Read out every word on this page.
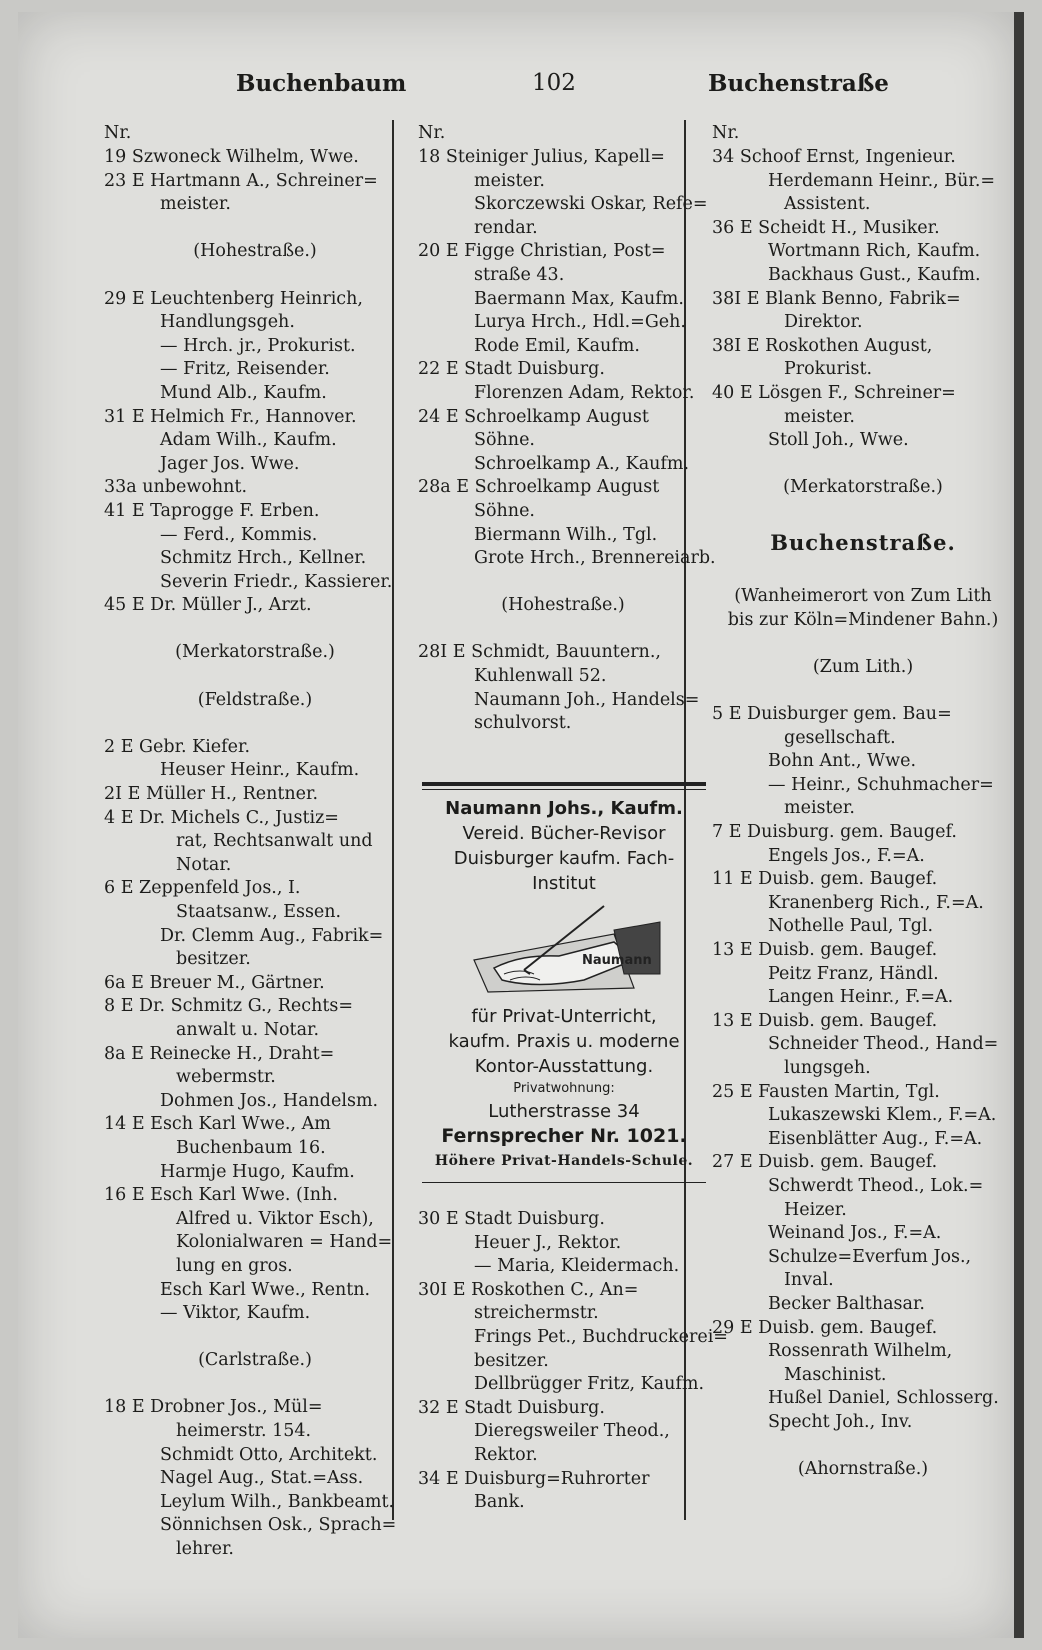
Buchenbaum	102	Buchenstraße
Nr.
19 Szwoneck Wilhelm, Wwe.
23 E Hartmann A., Schreiner=
meister.
(Hohestraße.)
29 E Leuchtenberg Heinrich,
Handlungsgeh.
— Hrch. jr., Prokurist.
— Fritz, Reisender.
Mund Alb., Kaufm.
31 E Helmich Fr., Hannover.
Adam Wilh., Kaufm.
Jager Jos. Wwe.
33a unbewohnt.
41 E Taprogge F. Erben.
— Ferd., Kommis.
Schmitz Hrch., Kellner.
Severin Friedr., Kassierer.
45 E Dr. Müller J., Arzt.
(Merkatorstraße.)
(Feldstraße.)
2 E Gebr. Kiefer.
Heuser Heinr., Kaufm.
2I E Müller H., Rentner.
4 E Dr. Michels C., Justiz=
rat, Rechtsanwalt und
Notar.
6 E Zeppenfeld Jos., I.
Staatsanw., Essen.
Dr. Clemm Aug., Fabrik=
besitzer.
6a E Breuer M., Gärtner.
8 E Dr. Schmitz G., Rechts=
anwalt u. Notar.
8a E Reinecke H., Draht=
webermstr.
Dohmen Jos., Handelsm.
14 E Esch Karl Wwe., Am
Buchenbaum 16.
Harmje Hugo, Kaufm.
16 E Esch Karl Wwe. (Inh.
Alfred u. Viktor Esch),
Kolonialwaren = Hand=
lung en gros.
Esch Karl Wwe., Rentn.
— Viktor, Kaufm.
(Carlstraße.)
18 E Drobner Jos., Mül=
heimerstr. 154.
Schmidt Otto, Architekt.
Nagel Aug., Stat.=Ass.
Leylum Wilh., Bankbeamt.
Sönnichsen Osk., Sprach=
lehrer.
Nr.
18 Steiniger Julius, Kapell=
meister.
Skorczewski Oskar, Refe=
rendar.
20 E Figge Christian, Post=
straße 43.
Baermann Max, Kaufm.
Lurya Hrch., Hdl.=Geh.
Rode Emil, Kaufm.
22 E Stadt Duisburg.
Florenzen Adam, Rektor.
24 E Schroelkamp August
Söhne.
Schroelkamp A., Kaufm.
28a E Schroelkamp August
Söhne.
Biermann Wilh., Tgl.
Grote Hrch., Brennereiarb.
(Hohestraße.)
28I E Schmidt, Bauuntern.,
Kuhlenwall 52.
Naumann Joh., Handels=
schulvorst.
Nr.
34 Schoof Ernst, Ingenieur.
Herdemann Heinr., Bür.=
Assistent.
36 E Scheidt H., Musiker.
Wortmann Rich, Kaufm.
Backhaus Gust., Kaufm.
38I E Blank Benno, Fabrik=
Direktor.
38I E Roskothen August,
Prokurist.
40 E Lösgen F., Schreiner=
meister.
Stoll Joh., Wwe.
(Merkatorstraße.)
Buchenstraße.
(Wanheimerort von Zum Lith
bis zur Köln=Mindener Bahn.)
(Zum Lith.)
5 E Duisburger gem. Bau=
gesellschaft.
Bohn Ant., Wwe.
— Heinr., Schuhmacher=
meister.
7 E Duisburg. gem. Baugef.
Engels Jos., F.=A.
11 E Duisb. gem. Baugef.
Kranenberg Rich., F.=A.
Nothelle Paul, Tgl.
13 E Duisb. gem. Baugef.
Peitz Franz, Händl.
Langen Heinr., F.=A.
13 E Duisb. gem. Baugef.
Schneider Theod., Hand=
lungsgeh.
25 E Fausten Martin, Tgl.
Lukaszewski Klem., F.=A.
Eisenblätter Aug., F.=A.
27 E Duisb. gem. Baugef.
Schwerdt Theod., Lok.=
Heizer.
Weinand Jos., F.=A.
Schulze=Everfum Jos.,
Inval.
Becker Balthasar.
29 E Duisb. gem. Baugef.
Rossenrath Wilhelm,
Maschinist.
Hußel Daniel, Schlosserg.
Specht Joh., Inv.
(Ahornstraße.)
Naumann Johs., Kaufm.
Vereid. Bücher-Revisor
Duisburger kaufm. Fach-
Institut
Naumann
für Privat-Unterricht,
kaufm. Praxis u. moderne
Kontor-Ausstattung.
Privatwohnung:
Lutherstrasse 34
Fernsprecher Nr. 1021.
Höhere Privat-Handels-Schule.
30 E Stadt Duisburg.
Heuer J., Rektor.
— Maria, Kleidermach.
30I E Roskothen C., An=
streichermstr.
Frings Pet., Buchdruckerei=
besitzer.
Dellbrügger Fritz, Kaufm.
32 E Stadt Duisburg.
Dieregsweiler Theod.,
Rektor.
34 E Duisburg=Ruhrorter
Bank.
